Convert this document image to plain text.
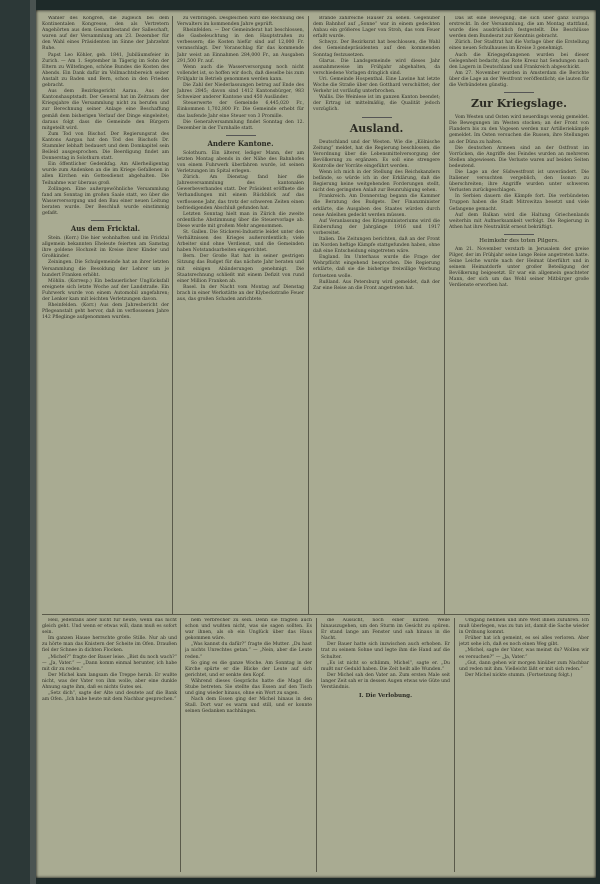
Wähler des Kongreß, die zugleich bei dem Kontinentalen Kongresse, den als Vertretern Angehörten aus dem Gesamtbestand der Salleschaft, waren auf der Versammlung am 23. Dezember für den Wahl eines Präsidenten im Sinne der Jahrzehnt Ruhe.

Papst Leo Köhler, geb. 1841, Jubiläumsfeier in Zurich. — Am 1. September in Tägerig im Sohn der Eltern zu Wiltefingen, schöne Bundes die Kosten des Abends. Ein Dank dafür im Vollmachtsbereich seiner Anstalt zu Baden und Bern, schon in den Frieden gebracht.

Aus dem Bezirksgericht Aarau. Aus der Kantonshauptstadt. Der General hat im Zeitraum der Kriegsjahre die Versammlung nicht zu berufen und zur Berechnung seiner Anlage eine Beschaffung gemäß dem bisherigen Verlauf der Dinge eingeleitet; daraus folgt dass die Gemeinde den Bürgern mitgeteilt wird.

Zum Tod von Bischof. Der Regierungsrat des Kantons Aargau hat den Tod des Bischofs Dr. Stammler lebhaft bedauert und dem Domkapitel sein Beileid ausgesprochen. Die Beerdigung findet am Donnerstag in Solothurn statt.

Ein öffentlicher Gedenkfag. Am Allerheiligentag wurde zum Andenken an die im Kriege Gefallenen in allen Kirchen ein Gottesdienst abgehalten. Die Teilnahme war überaus groß.

Zollingen. Eine außergewöhnliche Versammlung fand am Sonntag im großen Saale statt, wo über die Wasserversorgung und den Bau einer neuen Leitung beraten wurde. Der Beschluß wurde einstimmig gefaßt.

Aus dem Fricktal.

Stein. (Korr.) Die hier wohnhaften und im Fricktal allgemein bekannten Eheleute feierten am Samstag ihre goldene Hochzeit im Kreise ihrer Kinder und Großkinder.

Zeiningen. Die Schulgemeinde hat an ihrer letzten Versammlung die Besoldung der Lehrer um je hundert Franken erhöht.

Möhlin. (Korresp.) Ein bedauerlicher Unglücksfall ereignete sich letzte Woche auf der Landstraße. Ein Fuhrwerk wurde von einem Automobil angefahren; der Lenker kam mit leichten Verletzungen davon.

Rheinfelden. (Korr.) Aus dem Jahresbericht der Pflegeanstalt geht hervor, daß im verflossenen Jahre 142 Pfleglinge aufgenommen wurden.

zu verbringen. Desgleichen wird die Rechnung des Verwalters im kommenden Jahre geprüft.

Rheinfelden. — Der Gemeinderat hat beschlossen, die Gasbeleuchtung in den Hauptstraßen zu verbessern; die Kosten hiefür sind auf 12,000 Fr. veranschlagt. Der Voranschlag für das kommende Jahr weist an Einnahmen 284,000 Fr., an Ausgaben 291,500 Fr. auf.

Wenn auch die Wasserversorgung noch nicht vollendet ist, so hoffen wir doch, daß dieselbe bis zum Frühjahr in Betrieb genommen werden kann.

Die Zahl der Niederlassungen betrug auf Ende des Jahres 2845; davon sind 1412 Kantonsbürger, 983 Schweizer anderer Kantone und 450 Ausländer.

Steuerwerte der Gemeinde 6,445,020 Fr., Einkommen 1,702,800 Fr. Die Gemeinde erhebt für das laufende Jahr eine Steuer von 3 Promille.

Die Generalversammlung findet Sonntag den 12. Dezember in der Turnhalle statt.

Andere Kantone.

Solothurn. Ein älterer, lediger Mann, der am letzten Montag abends in der Nähe des Bahnhofes von einem Fuhrwerk überfahren wurde, ist seinen Verletzungen im Spital erlegen.

Zürich. Am Dienstag fand hier die Jahresversammlung des kantonalen Gewerbeverbandes statt. Der Präsident eröffnete die Verhandlungen mit einem Rückblick auf das verflossene Jahr, das trotz der schweren Zeiten einen befriedigenden Abschluß gefunden hat.

Letzten Sonntag hielt man in Zürich die zweite ordentliche Abstimmung über die Steuervorlage ab. Diese wurde mit großem Mehr angenommen.

St. Gallen. Die Stickerei-Industrie leidet unter den Verhältnissen des Krieges außerordentlich; viele Arbeiter sind ohne Verdienst, und die Gemeinden haben Notstandsarbeiten eingerichtet.

Bern. Der Große Rat hat in seiner gestrigen Sitzung das Budget für das nächste Jahr beraten und mit einigen Abänderungen genehmigt. Die Staatsrechnung schließt mit einem Defizit von rund einer Million Franken ab.

Basel. In der Nacht vom Montag auf Dienstag brach in einer Werkstätte an der Klybeckstraße Feuer aus, das großen Schaden anrichtete.

Brände zahlreiche Häuser zu sehen. Gegenüber dem Bahnhof auf „Sonne“ war in einem gedeckten Anbau ein größeres Lager von Stroh, das vom Feuer erfaßt wurde.

Schwyz. Der Bezirksrat hat beschlossen, die Wahl des Gemeindepräsidenten auf den kommenden Sonntag festzusetzen.

Glarus. Die Landsgemeinde wird dieses Jahr ausnahmsweise im Frühjahr abgehalten, da verschiedene Vorlagen dringlich sind.

Uri. Gemeinde Hospenthal. Eine Lawine hat letzte Woche die Straße über den Gotthard verschüttet; der Verkehr ist vorläufig unterbrochen.

Wallis. Die Weinlese ist im ganzen Kanton beendet; der Ertrag ist mittelmäßig, die Qualität jedoch vorzüglich.

Ausland.

Deutschland und der Westen. Wie die „Kölnische Zeitung“ meldet, hat die Regierung beschlossen, die Verordnung über die Lebensmittelversorgung der Bevölkerung zu ergänzen. Es soll eine strengere Kontrolle der Vorräte eingeführt werden.

Wenn ich mich in der Stellung des Reichskanzlers befände, so würde ich in der Erklärung, daß die Regierung keine weitgehenden Forderungen stellt, nicht den geringsten Anlaß zur Beunruhigung sehen.

Frankreich. Am Donnerstag begann die Kammer die Beratung des Budgets. Der Finanzminister erklärte, die Ausgaben des Staates würden durch neue Anleihen gedeckt werden müssen.

Auf Veranlassung des Kriegsministeriums wird die Einberufung der Jahrgänge 1916 und 1917 vorbereitet.

Italien. Die Zeitungen berichten, daß an der Front im Norden heftige Kämpfe stattgefunden haben, ohne daß eine Entscheidung eingetreten wäre.

England. Im Unterhaus wurde die Frage der Wehrpflicht eingehend besprochen. Die Regierung erklärte, daß sie die bisherige freiwillige Werbung fortsetzen wolle.

Rußland. Aus Petersburg wird gemeldet, daß der Zar eine Reise an die Front angetreten hat.

Das ist eine Bewegung, die sich über ganz Europa erstreckt. In der Versammlung, die am Montag stattfand, wurde dies ausdrücklich festgestellt. Die Beschlüsse werden dem Bundesrat zur Kenntnis gebracht.

Zürich. Der Stadtrat hat die Vorlage über die Erstellung eines neuen Schulhauses im Kreise 3 genehmigt.

Auch die Kriegsgefangenen wurden bei dieser Gelegenheit bedacht; das Rote Kreuz hat Sendungen nach den Lagern in Deutschland und Frankreich abgeschickt.

Am 27. November wurden in Amsterdam die Berichte über die Lage an der Westfront veröffentlicht; sie lauten für die Verbündeten günstig.

Zur Kriegslage.

Vom Westen und Osten wird neuerdings wenig gemeldet. Die Bewegungen im Westen stocken; an der Front von Flandern bis zu den Vogesen werden nur Artilleriekämpfe gemeldet. Im Osten versuchen die Russen, ihre Stellungen an der Düna zu halten.

Die deutschen Armeen sind an der Ostfront im Vorrücken, die Angriffe des Feindes wurden an mehreren Stellen abgewiesen. Die Verluste waren auf beiden Seiten bedeutend.

Die Lage an der Südwestfront ist unverändert. Die Italiener versuchten vergeblich, den Isonzo zu überschreiten; ihre Angriffe wurden unter schweren Verlusten zurückgeschlagen.

In Serbien dauern die Kämpfe fort. Die verbündeten Truppen haben die Stadt Mitrowitza besetzt und viele Gefangene gemacht.

Auf dem Balkan wird die Haltung Griechenlands weiterhin mit Aufmerksamkeit verfolgt. Die Regierung in Athen hat ihre Neutralität erneut bekräftigt.

Heimkehr des toten Pilgers.

Am 21. November verstarb in Jerusalem der greise Pilger, der im Frühjahr seine lange Reise angetreten hatte. Seine Leiche wurde nach der Heimat überführt und in seinem Heimatdorfe unter großer Beteiligung der Bevölkerung beigesetzt. Er war ein allgemein geachteter Mann, der sich um das Wohl seiner Mitbürger große Verdienste erworben hat.

Heil, jedenfalls aber nicht für heute, wenn das nicht gleich geht. Und wenn er etwas will, dann muß es sofort sein.

Im ganzen Hause herrschte große Stille. Nur ab und zu hörte man das Knistern der Scheite im Ofen. Draußen fiel der Schnee in dichten Flocken.

„Michel?“ fragte der Bauer leise. „Bist du noch wach?“ — „Ja, Vater.“ — „Dann komm einmal herunter, ich habe mit dir zu reden.“

Der Michel kam langsam die Treppe herab. Er wußte nicht, was der Vater von ihm wolle, aber eine dunkle Ahnung sagte ihm, daß es nichts Gutes sei.

„Setz dich“, sagte der Alte und deutete auf die Bank am Ofen. „Ich habe heute mit dem Nachbar gesprochen.“

nem Verbrecher zu sein. Denn sie fragten auch schon und wußten nicht, was sie sagen sollten. Es war ihnen, als ob ein Unglück über das Haus gekommen wäre.

„Was kannst du dafür?“ fragte die Mutter. „Du hast ja nichts Unrechtes getan.“ — „Nein, aber die Leute reden.“

So ging es die ganze Woche. Am Sonntag in der Kirche spürte er die Blicke der Leute auf sich gerichtet, und er senkte den Kopf.

Während dieses Gesprächs hatte die Magd die Stube betreten. Sie stellte das Essen auf den Tisch und ging wieder hinaus, ohne ein Wort zu sagen.

Nach dem Essen ging der Michel hinaus in den Stall. Dort war es warm und still, und er konnte seinen Gedanken nachhängen.

die Aussicht, noch einer kurzen Weile hinauszugehen, um den Sturm im Gesicht zu spüren. Er stand lange am Fenster und sah hinaus in die Nacht.

Der Bauer hatte sich inzwischen auch erhoben. Er trat zu seinem Sohne und legte ihm die Hand auf die Schulter.

„Es ist nicht so schlimm, Michel“, sagte er. „Du mußt nur Geduld haben. Die Zeit heilt alle Wunden.“

Der Michel sah den Vater an. Zum ersten Male seit langer Zeit sah er in dessen Augen etwas wie Güte und Verständnis.

I. Die Verlobung.

Umgang nehmen und ihre Welt ihnen zuführen. Ich muß überlegen, was zu tun ist, damit die Sache wieder in Ordnung kommt.

Früher hat ich gemeint, es sei alles verloren. Aber jetzt sehe ich, daß es noch einen Weg gibt.

„Michel, sagte der Vater, was meinst du? Wollen wir es versuchen?“ — „Ja, Vater.“

„Gut, dann gehen wir morgen hinüber zum Nachbar und reden mit ihm. Vielleicht läßt er mit sich reden.“

Der Michel nickte stumm. (Fortsetzung folgt.)
